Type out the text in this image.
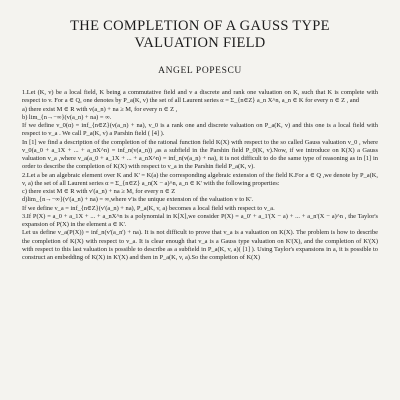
THE COMPLETION OF A GAUSS TYPE
VALUATION FIELD
ANGEL POPESCU

1.Let (K, v) be a local field, K being a commutative field and v a discrete and rank one valuation on K, such that K is complete with respect to v. For a ∈ Q, one denotes by P_a(K, v) the set of all Laurent series α = Σ_{n∈Z} a_n X^n, a_n ∈ K for every n ∈ Z , and

a) there exist M ∈ R with v(a_n) + na ≥ M, for every n ∈ Z ,

b) lim_{n→−∞}(v(a_n) + na) = ∞.

If we define v_0(α) = inf_{n∈Z}(v(a_n) + na), v_0 is a rank one and discrete valuation on P_a(K, v) and this one is a local field with respect to v_a . We call P_a(K, v) a Parshin field ( [4] ).

In [1] we find a description of the completion of the rational function field K(X) with respect to the so called Gauss valuation v_0 , where v_0(a_0 + a_1X + ... + a_nX^n) = inf_n(v(a_n)) ,as a subfield in the Parshin field P_0(K, v).Now, if we introduce on K(X) a Gauss valuation v_a ,where v_a(a_0 + a_1X + ... + a_nX^n) = inf_n(v(a_n) + na), it is not difficult to do the same type of reasoning as in [1] in order to describe the completion of K(X) with respect to v_a in the Parshin field P_a(K, v).

2.Let a be an algebraic element over K and K' = K(a) the corresponding algebraic extension of the field K.For a ∈ Q ,we denote by P_a(K, v, a) the set of all Laurent series α = Σ_{n∈Z} a_n(X − a)^n, a_n ∈ K' with the following properties:

c) there exist M ∈ R with v'(a_n) + na ≥ M, for every n ∈ Z

d)lim_{n→−∞}(v'(a_n) + na) = ∞,where v'is the unique extension of the valuation v to K'.

If we define v_a = inf_{n∈Z}(v'(a_n) + na), P_a(K, v, a) becomes a local field with respect to v_a.

3.If P(X) = a_0 + a_1X + ... + a_nX^n is a polynomial in K[X],we consider P(X) = a_0' + a_1'(X − a) + ... + a_n'(X − a)^n , the Taylor's expansion of P(X) in the element a ∈ K'.

Let us define v_a(P(X)) = inf_n(v'(a_n') + na). It is not difficult to prove that v_a is a valuation on K(X). The problem is how to describe the completion of K(X) with respect to v_a. It is clear enough that v_a is a Gauss type valuation on K'(X), and the completion of K'(X) with respect to this last valuation is possible to describe as a subfield in P_a(K, v, a)( [1] ). Using Taylor's expansions in a, it is possible to construct an embedding of K(X) in K'(X) and then in P_a(K, v, a).So the completion of K(X)
